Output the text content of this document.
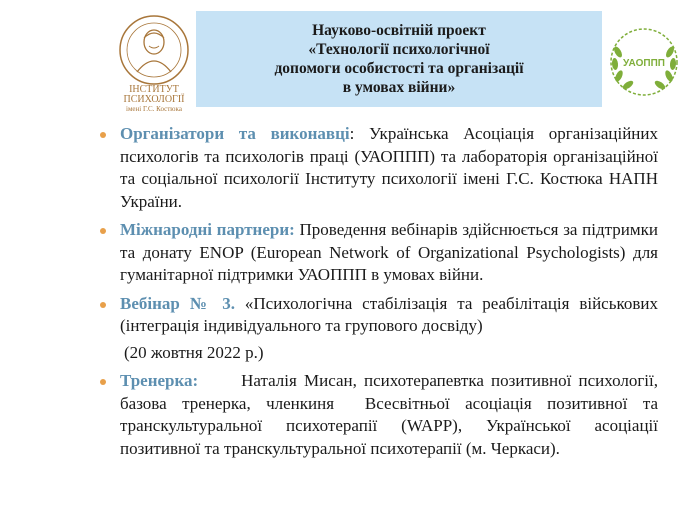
ІНСТИТУТ
ПСИХОЛОГІЇ
імені Г.С. Костюка
Науково-освітній проект
«Технології психологічної
допомоги особистості та організації
в умовах війни»
УАОППП
Організатори та виконавці: Українська Асоціація організаційних психологів та психологів праці (УАОППП) та лабораторія організаційної та соціальної психології Інституту психології імені Г.С. Костюка НАПН України.
Міжнародні партнери: Проведення вебінарів здійснюється за підтримки та донату ENOP (European Network of Organizational Psychologists) для гуманітарної підтримки УАОППП в умовах війни.
Вебінар № 3. «Психологічна стабілізація та реабілітація військових (інтеграція індивідуального та групового досвіду)
(20 жовтня 2022 р.)
Тренерка:      Наталія Мисан, психотерапевтка позитивної психології,  базова тренерка, членкиня  Всесвітньої асоціація позитивної та транскультуральної психотерапії (WAPP), Української асоціації позитивної та транскультуральної психотерапії (м. Черкаси).
